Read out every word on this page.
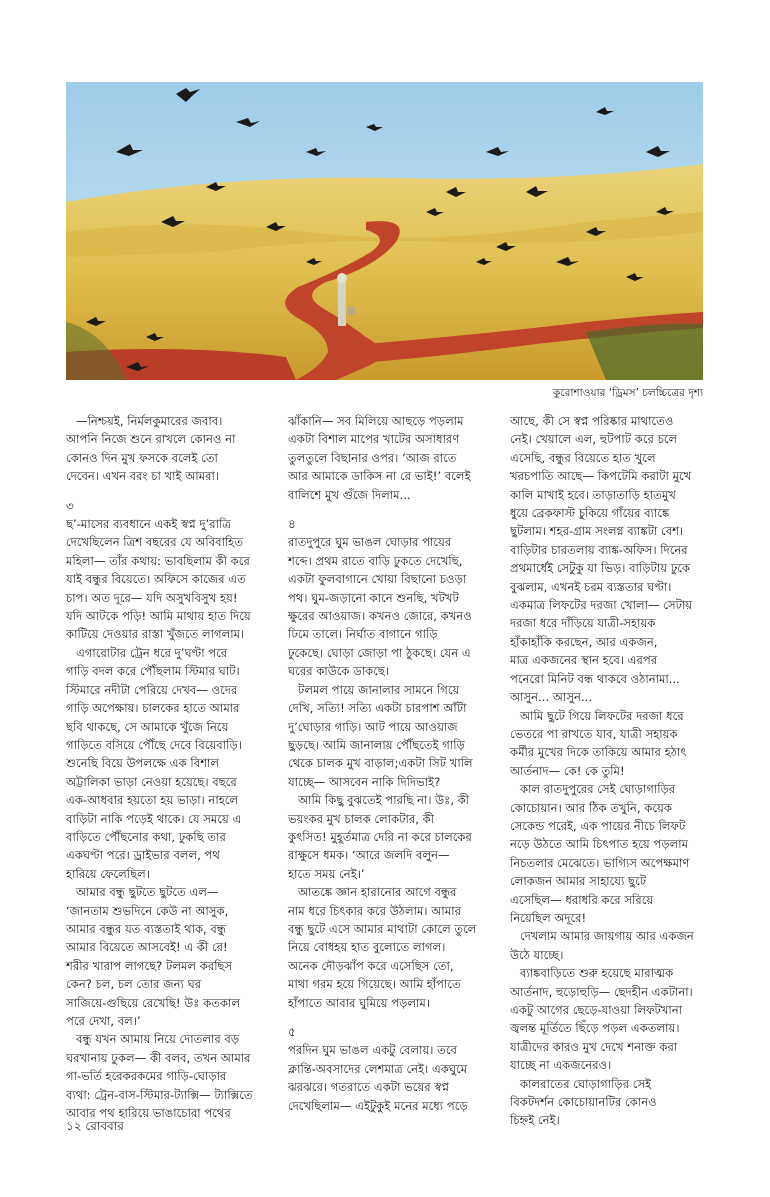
কুরোশাওয়ার ‘ড্রিমস’ চলচ্চিত্রের দৃশ্য

—নিশ্চয়ই, নির্মলকুমারের জবাব।
আপনি নিজে শুনে রাখলে কোনও না
কোনও দিন মুখ ফসকে বলেই তো
দেবেন। এখন বরং চা খাই আমরা।

৩

ছ’-মাসের ব্যবধানে একই স্বপ্ন দু’রাত্রি
দেখেছিলেন ত্রিশ বছরের যে অবিবাহিত
মহিলা— তাঁর কথায়: ভাবছিলাম কী করে
যাই বন্ধুর বিয়েতে। অফিসে কাজের এত
চাপ। অত দূরে— যদি অসুখবিসুখ হয়!
যদি আটকে পড়ি! আমি মাথায় হাত দিয়ে
কাটিয়ে দেওয়ার রাস্তা খুঁজতে লাগলাম।

এগারোটার ট্রেন ধরে দু’ঘণ্টা পরে
গাড়ি বদল করে পৌঁছলাম স্টিমার ঘাট।
স্টিমারে নদীটা পেরিয়ে দেখব— ওদের
গাড়ি অপেক্ষায়। চালকের হাতে আমার
ছবি থাকছে, সে আমাকে খুঁজে নিয়ে
গাড়িতে বসিয়ে পৌঁছে দেবে বিয়েবাড়ি।
শুনেছি বিয়ে উপলক্ষে এক বিশাল
অট্টালিকা ভাড়া নেওয়া হয়েছে। বছরে
এক-আধবার হয়তো হয় ভাড়া। নাহলে
বাড়িটা নাকি পড়েই থাকে। যে সময়ে এ
বাড়িতে পৌঁছনোর কথা, ঢুকছি তার
একঘণ্টা পরে। ড্রাইভার বলল, পথ
হারিয়ে ফেলেছিল।

আমার বন্ধু ছুটতে ছুটতে এল—
‘জানতাম শুভদিনে কেউ না আসুক,
আমার বন্ধুর যত ব্যস্ততাই থাক, বন্ধু
আমার বিয়েতে আসবেই! এ কী রে!
শরীর খারাপ লাগছে? টলমল করছিস
কেন? চল, চল তোর জন্য ঘর
সাজিয়ে-গুছিয়ে রেখেছি! উঃ কতকাল
পরে দেখা, বল।’

বন্ধু যখন আমায় নিয়ে দোতলার বড়
ঘরখানায় ঢুকল— কী বলব, তখন আমার
গা-ভর্তি হরেকরকমের গাড়ি-ঘোড়ার
ব্যথা: ট্রেন-বাস-স্টিমার-ট্যাক্সি— ট্যাক্সিতে
আবার পথ হারিয়ে ভাঙাচোরা পথের

ঝাঁকানি— সব মিলিয়ে আছড়ে পড়লাম
একটা বিশাল মাপের খাটের অসাধারণ
তুলতুলে বিছানার ওপর। ‘আজ রাতে
আর আমাকে ডাকিস না রে ভাই!’ বলেই
বালিশে মুখ গুঁজে দিলাম...

৪

রাতদুপুরে ঘুম ভাঙল ঘোড়ার পায়ের
শব্দে। প্রথম রাতে বাড়ি ঢুকতে দেখেছি,
একটা ফুলবাগানে খোয়া বিছানো চওড়া
পথ। ঘুম-জড়ানো কানে শুনছি, খটখট
ক্ষুরের আওয়াজ। কখনও জোরে, কখনও
ঢিমে তালে। নির্ঘাত বাগানে গাড়ি
ঢুকেছে। ঘোড়া জোড়া পা ঠুকছে। যেন এ
ঘরের কাউকে ডাকছে।

টলমল পায়ে জানালার সামনে গিয়ে
দেখি, সত্যি! সত্যি একটা চারপাশ আঁটা
দু’ঘোড়ার গাড়ি। আট পায়ে আওয়াজ
ছুড়ছে। আমি জানালায় পৌঁছতেই গাড়ি
থেকে চালক মুখ বাড়াল;একটা সিট খালি
যাচ্ছে— আসবেন নাকি দিদিভাই?

আমি কিছু বুঝতেই পারছি না। উঃ, কী
ভয়ংকর মুখ চালক লোকটার, কী
কুৎসিত! মুহূর্তমাত্র দেরি না করে চালকের
রাক্ষুসে ধমক। ‘আরে জলদি বলুন—
হাতে সময় নেই।’

আতঙ্কে জ্ঞান হারানোর আগে বন্ধুর
নাম ধরে চিৎকার করে উঠলাম। আমার
বন্ধু ছুটে এসে আমার মাথাটা কোলে তুলে
নিয়ে বোধহয় হাত বুলোতে লাগল।
অনেক দৌড়ঝাঁপ করে এসেছিস তো,
মাথা গরম হয়ে গিয়েছে। আমি হাঁপাতে
হাঁপাতে আবার ঘুমিয়ে পড়লাম।

৫

পরদিন ঘুম ভাঙল একটু বেলায়। তবে
ক্লান্তি-অবসাদের লেশমাত্র নেই। একঘুমে
ঝরঝরে। গতরাতে একটা ভয়ের স্বপ্ন
দেখেছিলাম— এইটুকুই মনের মধ্যে পড়ে

আছে, কী সে স্বপ্ন পরিষ্কার মাথাতেও
নেই। খেয়ালে এল, হুটপাট করে চলে
এসেছি, বন্ধুর বিয়েতে হাত খুলে
খরচপাতি আছে— কিপটেমি করাটা মুখে
কালি মাখাই হবে। তাড়াতাড়ি হাতমুখ
ধুয়ে ব্রেকফাস্ট চুকিয়ে গাঁয়ের ব্যাঙ্কে
ছুটলাম। শহর-গ্রাম সংলগ্ন ব্যাঙ্কটা বেশ।
বাড়িটার চারতলায় ব্যাঙ্ক-অফিস। দিনের
প্রথমার্ধেই সেটুকু যা ভিড়। বাড়িটায় ঢুকে
বুঝলাম, এখনই চরম ব্যস্ততার ঘণ্টা।
একমাত্র লিফটের দরজা খোলা— সেটায়
দরজা ধরে দাঁড়িয়ে যাত্রী-সহায়ক
হাঁকাহাঁকি করছেন, আর একজন,
মাত্র একজনের স্থান হবে। এরপর
পনেরো মিনিট বন্ধ থাকবে ওঠানামা...
আসুন... আসুন...

আমি ছুটে গিয়ে লিফটের দরজা ধরে
ভেতরে পা রাখতে যাব, যাত্রী সহায়ক
কর্মীর মুখের দিকে তাকিয়ে আমার হঠাৎ
আর্তনাদ— কে! কে তুমি!

কাল রাতদুপুরের সেই ঘোড়াগাড়ির
কোচোয়ান। আর ঠিক তখুনি, কয়েক
সেকেন্ড পরেই, এক পায়ের নীচে লিফট
নড়ে উঠতে আমি চিৎপাত হয়ে পড়লাম
নিচতলার মেঝেতে। ভাগ্যিস অপেক্ষমাণ
লোকজন আমার সাহায্যে ছুটে
এসেছিল— ধরাধরি করে সরিয়ে
নিয়েছিল অদূরে!

দেখলাম আমার জায়গায় আর একজন
উঠে যাচ্ছে।

ব্যাঙ্কবাড়িতে শুরু হয়েছে মারাত্মক
আর্তনাদ, হুড়োহুড়ি— ছেদহীন একটানা।
একটু আগের ছেড়ে-যাওয়া লিফটখানা
জ্বলন্ত মূর্তিতে ছিঁড়ে পড়ল একতলায়।
যাত্রীদের কারও মুখ দেখে শনাক্ত করা
যাচ্ছে না একজনেরও।

কালরাতের ঘোড়াগাড়ির সেই
বিকটদর্শন কোচোয়ানটির কোনও
চিহ্নই নেই।

১২ রোববার
